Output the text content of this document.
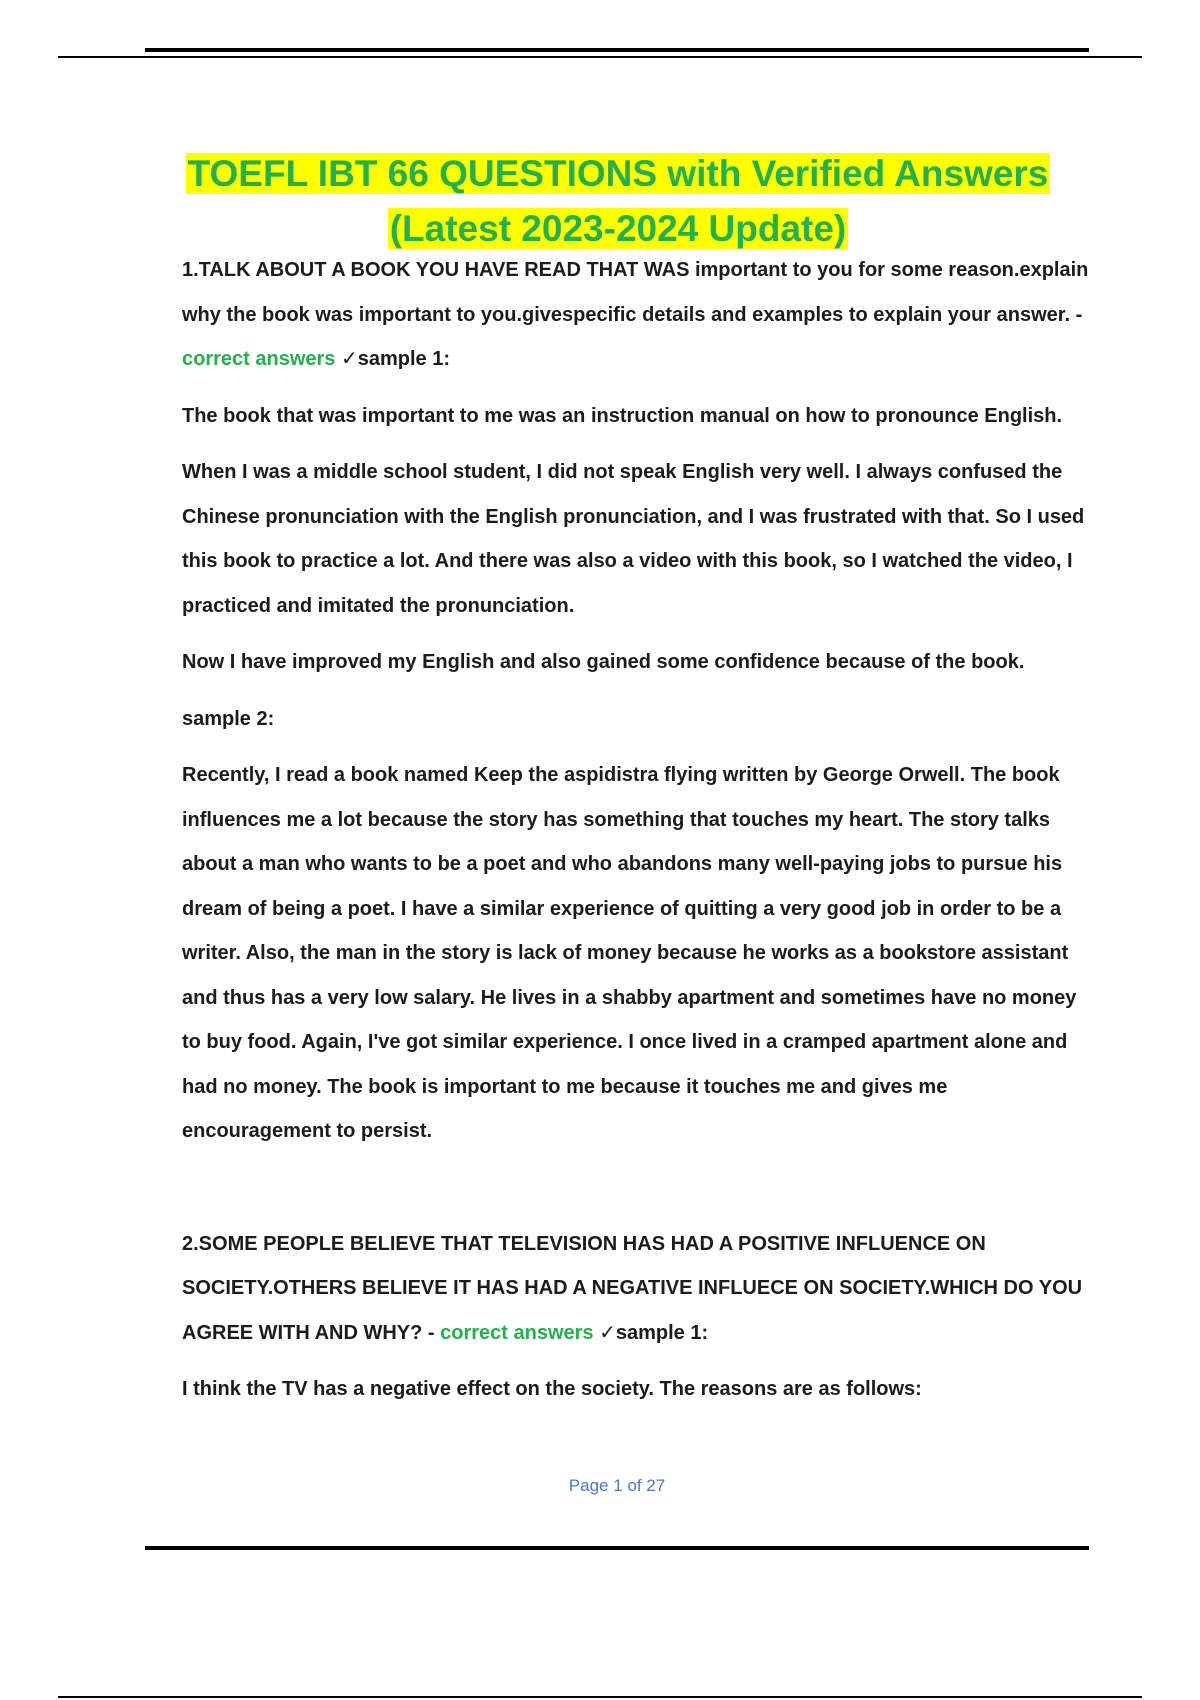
TOEFL IBT 66 QUESTIONS with Verified Answers
(Latest 2023-2024 Update)

1.TALK ABOUT A BOOK YOU HAVE READ THAT WAS important to you for some reason.explain why the book was important to you.givespecific details and examples to explain your answer. - correct answers ✓sample 1:

The book that was important to me was an instruction manual on how to pronounce English.

When I was a middle school student, I did not speak English very well. I always confused the Chinese pronunciation with the English pronunciation, and I was frustrated with that. So I used this book to practice a lot. And there was also a video with this book, so I watched the video, I practiced and imitated the pronunciation.

Now I have improved my English and also gained some confidence because of the book.

sample 2:

Recently, I read a book named Keep the aspidistra flying written by George Orwell. The book influences me a lot because the story has something that touches my heart. The story talks about a man who wants to be a poet and who abandons many well-paying jobs to pursue his dream of being a poet. I have a similar experience of quitting a very good job in order to be a writer. Also, the man in the story is lack of money because he works as a bookstore assistant and thus has a very low salary. He lives in a shabby apartment and sometimes have no money to buy food. Again, I've got similar experience. I once lived in a cramped apartment alone and had no money. The book is important to me because it touches me and gives me encouragement to persist.

2.SOME PEOPLE BELIEVE THAT TELEVISION HAS HAD A POSITIVE INFLUENCE ON SOCIETY.OTHERS BELIEVE IT HAS HAD A NEGATIVE INFLUECE ON SOCIETY.WHICH DO YOU AGREE WITH AND WHY? - correct answers ✓sample 1:

I think the TV has a negative effect on the society. The reasons are as follows:

Page 1 of 27
